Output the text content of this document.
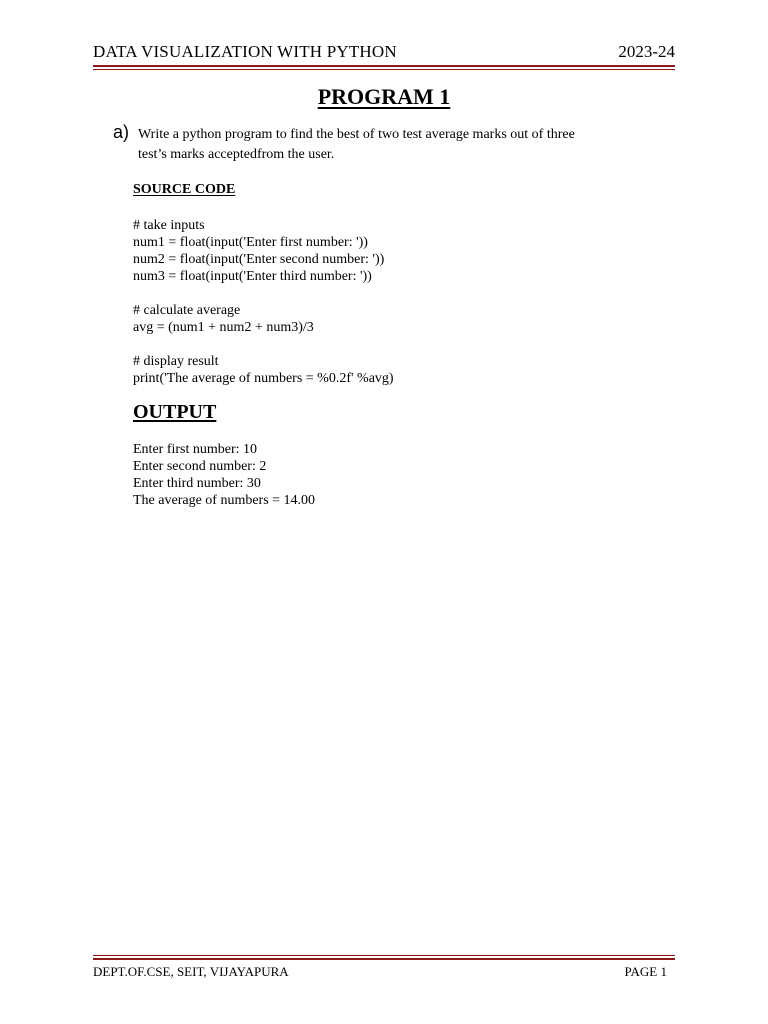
DATA VISUALIZATION WITH PYTHON	2023-24
PROGRAM 1
a) Write a python program to find the best of two test average marks out of three
test’s marks acceptedfrom the user.
SOURCE CODE
# take inputs
num1 = float(input('Enter first number: '))
num2 = float(input('Enter second number: '))
num3 = float(input('Enter third number: '))
# calculate average
avg = (num1 + num2 + num3)/3
# display result
print('The average of numbers = %0.2f' %avg)
OUTPUT
Enter first number: 10
Enter second number: 2
Enter third number: 30
The average of numbers = 14.00
DEPT.OF.CSE, SEIT, VIJAYAPURA	PAGE 1
